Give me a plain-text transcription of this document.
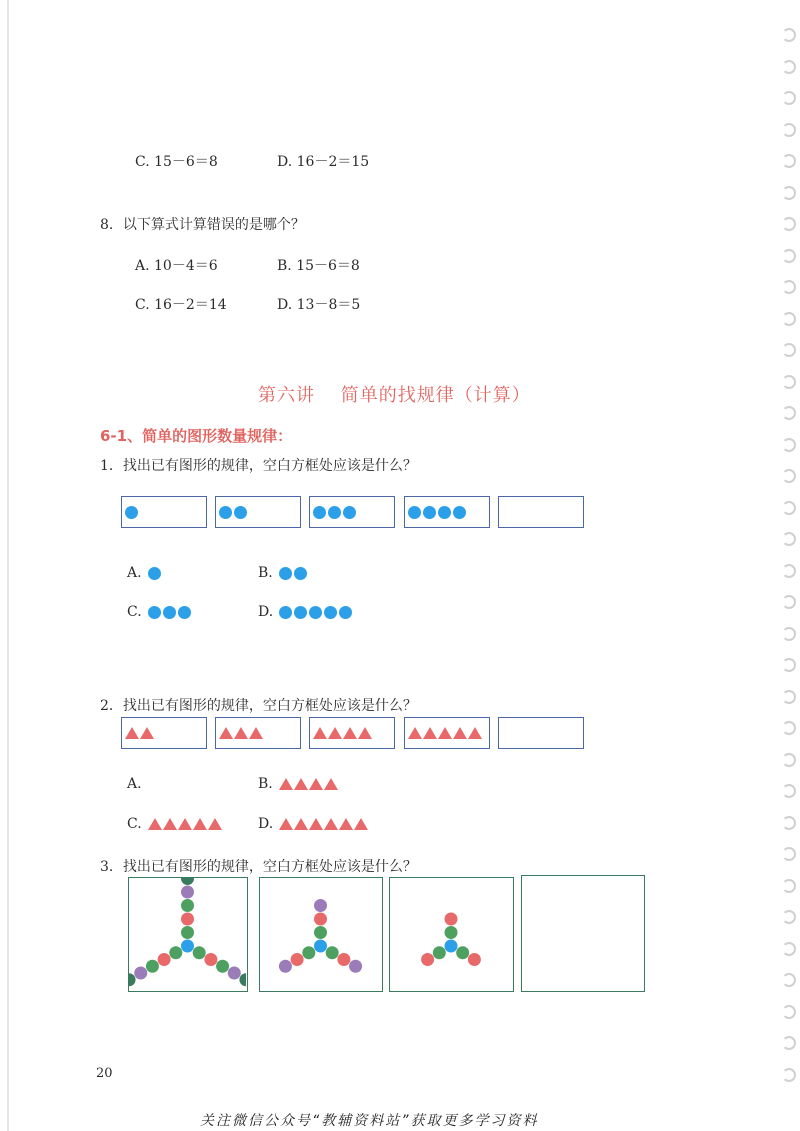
C. 15－6＝8	D. 16－2＝15
8．以下算式计算错误的是哪个？
A. 10－4＝6	B. 15－6＝8
C. 16－2＝14	D. 13－8＝5
第六讲　 简单的找规律（计算）
6-1、简单的图形数量规律：
1．找出已有图形的规律，空白方框处应该是什么？
A.	B.
C.	D.
2．找出已有图形的规律，空白方框处应该是什么？
A.	B.
C.	D.
3．找出已有图形的规律，空白方框处应该是什么？
20
关注微信公众号“教辅资料站”获取更多学习资料
